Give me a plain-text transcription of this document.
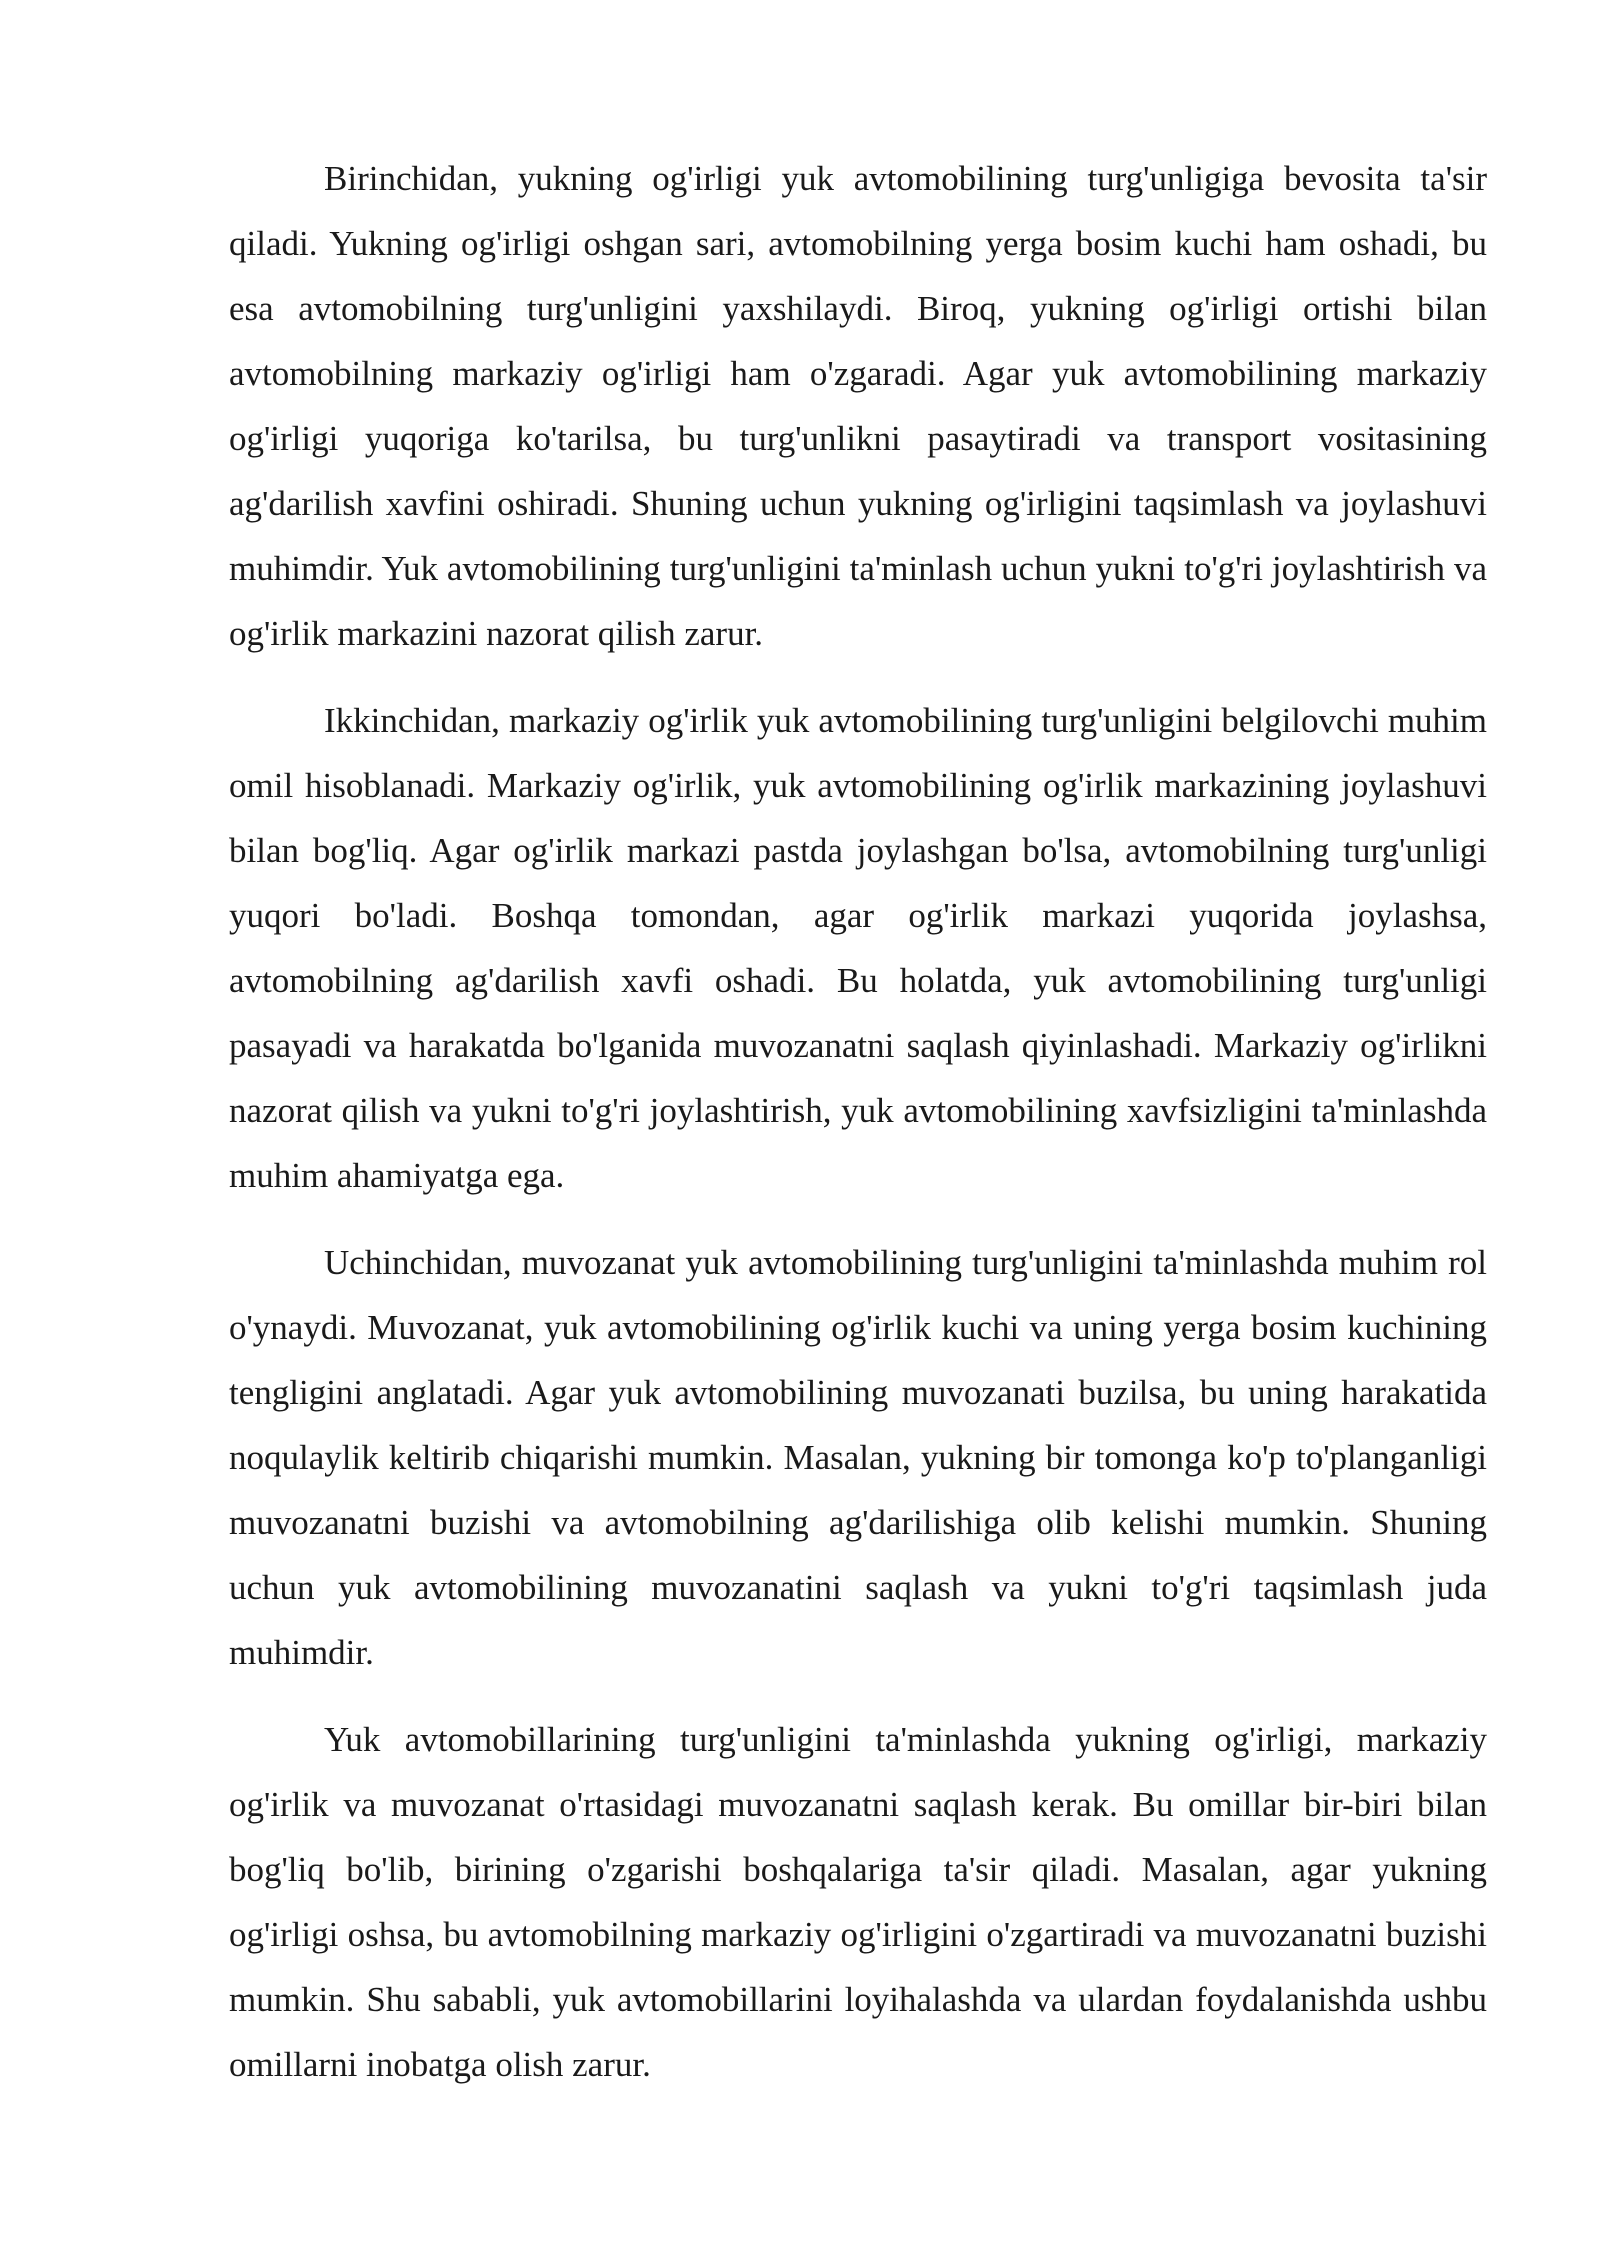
Birinchidan, yukning og'irligi yuk avtomobilining turg'unligiga bevosita ta'sir qiladi. Yukning og'irligi oshgan sari, avtomobilning yerga bosim kuchi ham oshadi, bu esa avtomobilning turg'unligini yaxshilaydi. Biroq, yukning og'irligi ortishi bilan avtomobilning markaziy og'irligi ham o'zgaradi. Agar yuk avtomobilining markaziy og'irligi yuqoriga ko'tarilsa, bu turg'unlikni pasaytiradi va transport vositasining ag'darilish xavfini oshiradi. Shuning uchun yukning og'irligini taqsimlash va joylashuvi muhimdir. Yuk avtomobilining turg'unligini ta'minlash uchun yukni to'g'ri joylashtirish va og'irlik markazini nazorat qilish zarur.

Ikkinchidan, markaziy og'irlik yuk avtomobilining turg'unligini belgilovchi muhim omil hisoblanadi. Markaziy og'irlik, yuk avtomobilining og'irlik markazining joylashuvi bilan bog'liq. Agar og'irlik markazi pastda joylashgan bo'lsa, avtomobilning turg'unligi yuqori bo'ladi. Boshqa tomondan, agar og'irlik markazi yuqorida joylashsa, avtomobilning ag'darilish xavfi oshadi. Bu holatda, yuk avtomobilining turg'unligi pasayadi va harakatda bo'lganida muvozanatni saqlash qiyinlashadi. Markaziy og'irlikni nazorat qilish va yukni to'g'ri joylashtirish, yuk avtomobilining xavfsizligini ta'minlashda muhim ahamiyatga ega.

Uchinchidan, muvozanat yuk avtomobilining turg'unligini ta'minlashda muhim rol o'ynaydi. Muvozanat, yuk avtomobilining og'irlik kuchi va uning yerga bosim kuchining tengligini anglatadi. Agar yuk avtomobilining muvozanati buzilsa, bu uning harakatida noqulaylik keltirib chiqarishi mumkin. Masalan, yukning bir tomonga ko'p to'planganligi muvozanatni buzishi va avtomobilning ag'darilishiga olib kelishi mumkin. Shuning uchun yuk avtomobilining muvozanatini saqlash va yukni to'g'ri taqsimlash juda muhimdir.

Yuk avtomobillarining turg'unligini ta'minlashda yukning og'irligi, markaziy og'irlik va muvozanat o'rtasidagi muvozanatni saqlash kerak. Bu omillar bir-biri bilan bog'liq bo'lib, birining o'zgarishi boshqalariga ta'sir qiladi. Masalan, agar yukning og'irligi oshsa, bu avtomobilning markaziy og'irligini o'zgartiradi va muvozanatni buzishi mumkin. Shu sababli, yuk avtomobillarini loyihalashda va ulardan foydalanishda ushbu omillarni inobatga olish zarur.
